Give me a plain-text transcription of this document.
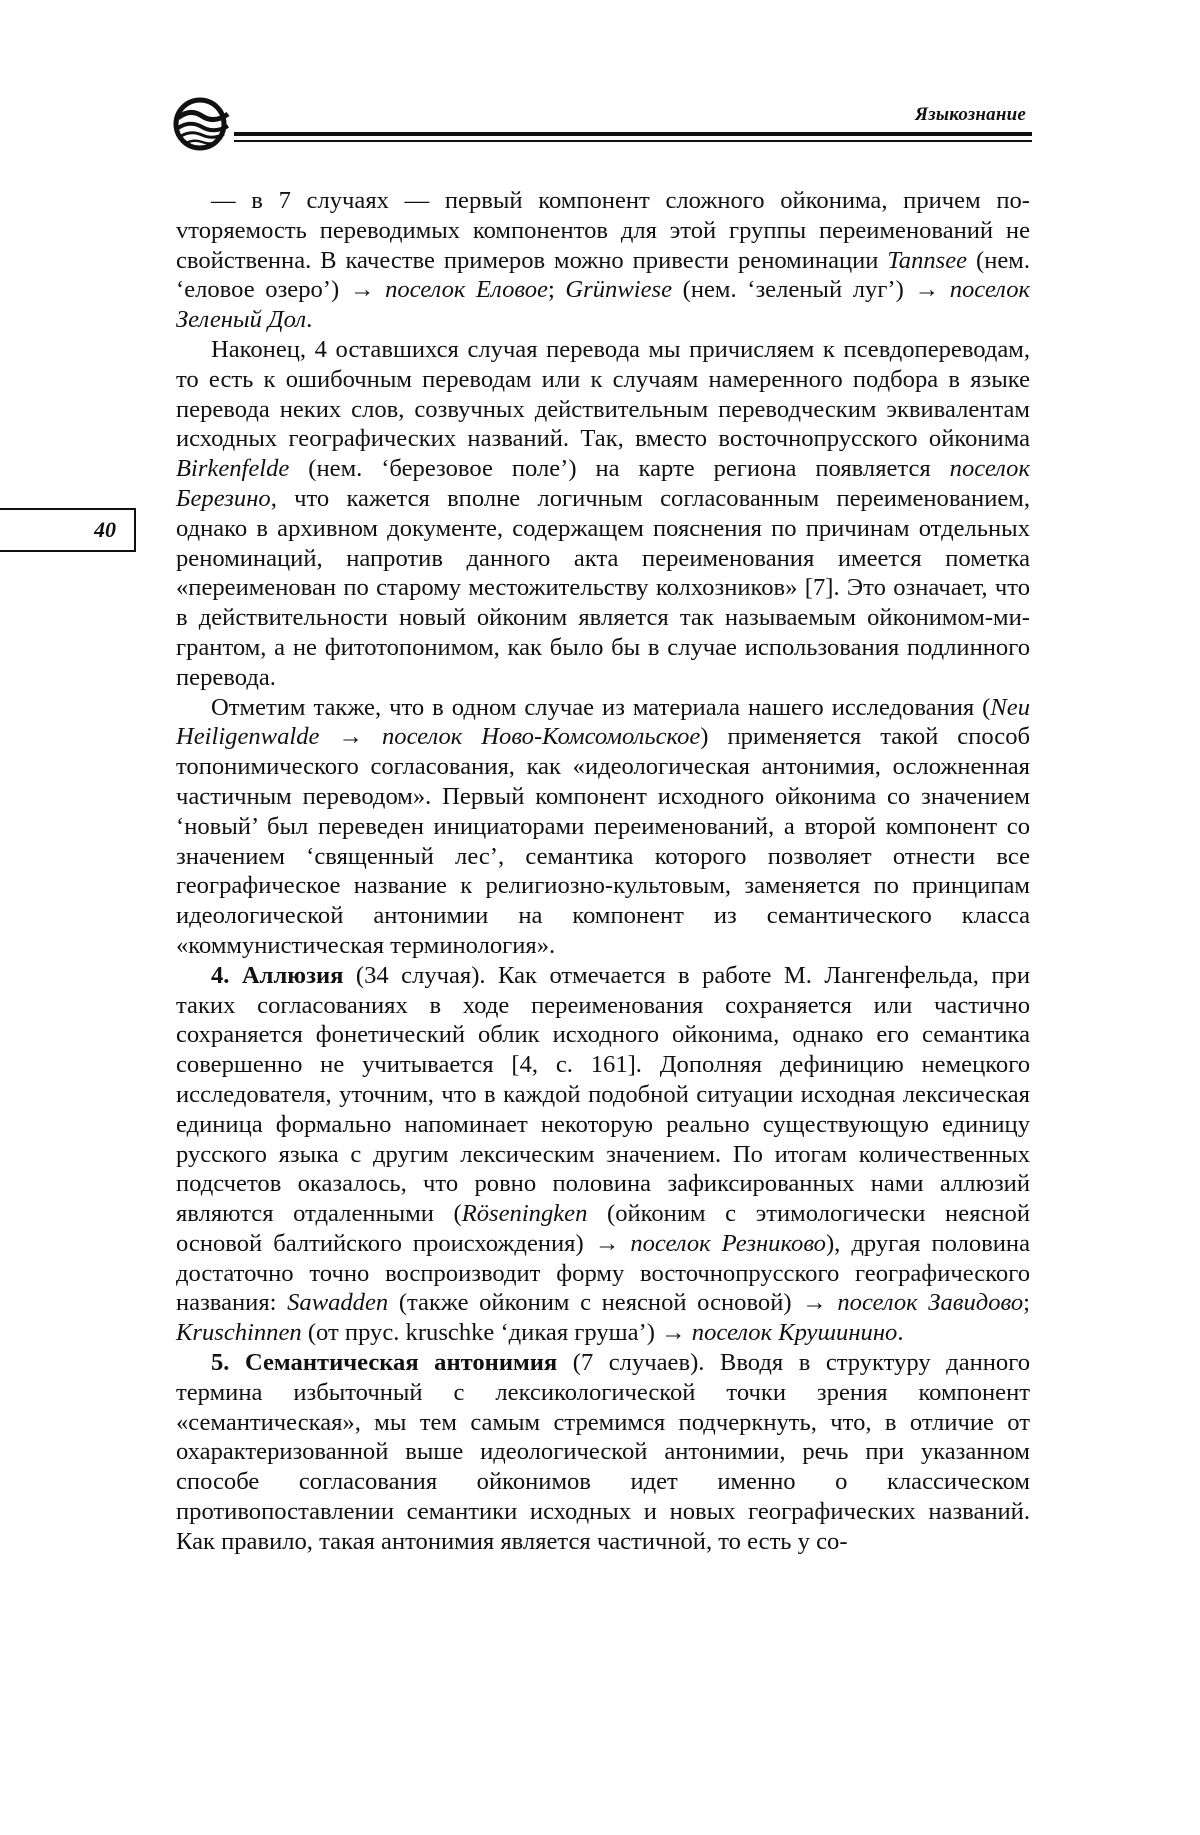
Языкознание
40

— в 7 случаях — первый компонент сложного ойконима, причем поvторяемость переводимых компонентов для этой группы переименований не свойственна. В качестве примеров можно привести реноминации Tannsee (нем. ‘еловое озеро’) → поселок Еловое; Grünwiese (нем. ‘зеленый луг’) → поселок Зеленый Дол.

Наконец, 4 оставшихся случая перевода мы причисляем к псевдопереводам, то есть к ошибочным переводам или к случаям намеренного подбора в языке перевода неких слов, созвучных действительным переводческим эквивалентам исходных географических названий. Так, вместо восточнопрусского ойконима Birkenfelde (нем. ‘березовое поле’) на карте региона появляется поселок Березино, что кажется вполне логичным согласованным переименованием, однако в архивном документе, содержащем пояснения по причинам отдельных реноминаций, напротив данного акта переименования имеется пометка «переименован по старому местожительству колхозников» [7]. Это означает, что в действительности новый ойконим является так называемым ойконимом-мигрантом, а не фитотопонимом, как было бы в случае использования подлинного перевода.

Отметим также, что в одном случае из материала нашего исследования (Neu Heiligenwalde → поселок Ново-Комсомольское) применяется такой способ топонимического согласования, как «идеологическая антонимия, осложненная частичным переводом». Первый компонент исходного ойконима со значением ‘новый’ был переведен инициаторами переименований, а второй компонент со значением ‘священный лес’, семантика которого позволяет отнести все географическое название к религиозно-культовым, заменяется по принципам идеологической антонимии на компонент из семантического класса «коммунистическая терминология».

4. Аллюзия (34 случая). Как отмечается в работе М. Лангенфельда, при таких согласованиях в ходе переименования сохраняется или частично сохраняется фонетический облик исходного ойконима, однако его семантика совершенно не учитывается [4, с. 161]. Дополняя дефиницию немецкого исследователя, уточним, что в каждой подобной ситуации исходная лексическая единица формально напоминает некоторую реально существующую единицу русского языка с другим лексическим значением. По итогам количественных подсчетов оказалось, что ровно половина зафиксированных нами аллюзий являются отдаленными (Röseningken (ойконим с этимологически неясной основой балтийского происхождения) → поселок Резниково), другая половина достаточно точно воспроизводит форму восточнопрусского географического названия: Sawadden (также ойконим с неясной основой) → поселок Завидово; Kruschinnen (от прус. kruschke ‘дикая груша’) → поселок Крушинино.

5. Семантическая антонимия (7 случаев). Вводя в структуру данного термина избыточный с лексикологической точки зрения компонент «семантическая», мы тем самым стремимся подчеркнуть, что, в отличие от охарактеризованной выше идеологической антонимии, речь при указанном способе согласования ойконимов идет именно о классическом противопоставлении семантики исходных и новых географических названий. Как правило, такая антонимия является частичной, то есть у со-
